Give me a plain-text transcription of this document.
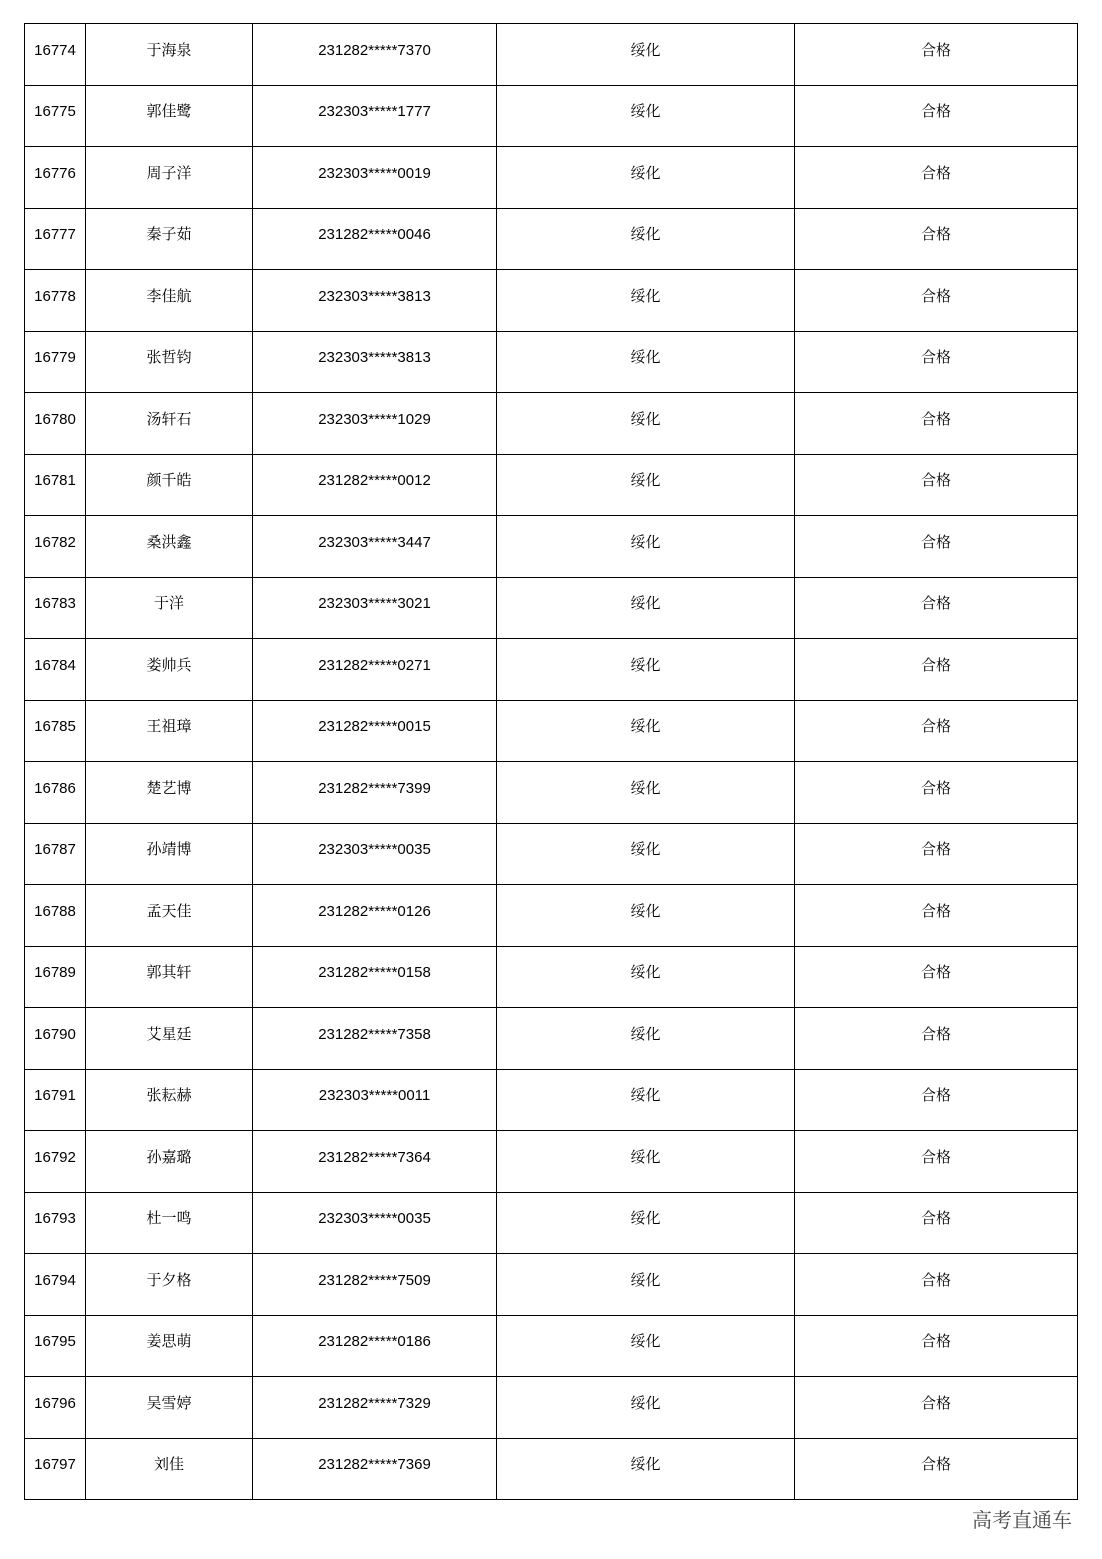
16774	于海泉	231282*****7370	绥化	合格
16775	郭佳鹭	232303*****1777	绥化	合格
16776	周子洋	232303*****0019	绥化	合格
16777	秦子茹	231282*****0046	绥化	合格
16778	李佳航	232303*****3813	绥化	合格
16779	张哲钧	232303*****3813	绥化	合格
16780	汤轩石	232303*****1029	绥化	合格
16781	颜千皓	231282*****0012	绥化	合格
16782	桑洪鑫	232303*****3447	绥化	合格
16783	于洋	232303*****3021	绥化	合格
16784	娄帅兵	231282*****0271	绥化	合格
16785	王祖璋	231282*****0015	绥化	合格
16786	楚艺博	231282*****7399	绥化	合格
16787	孙靖博	232303*****0035	绥化	合格
16788	孟天佳	231282*****0126	绥化	合格
16789	郭其轩	231282*****0158	绥化	合格
16790	艾星廷	231282*****7358	绥化	合格
16791	张耘赫	232303*****0011	绥化	合格
16792	孙嘉璐	231282*****7364	绥化	合格
16793	杜一鸣	232303*****0035	绥化	合格
16794	于夕格	231282*****7509	绥化	合格
16795	姜思萌	231282*****0186	绥化	合格
16796	吴雪婷	231282*****7329	绥化	合格
16797	刘佳	231282*****7369	绥化	合格
高考直通车
